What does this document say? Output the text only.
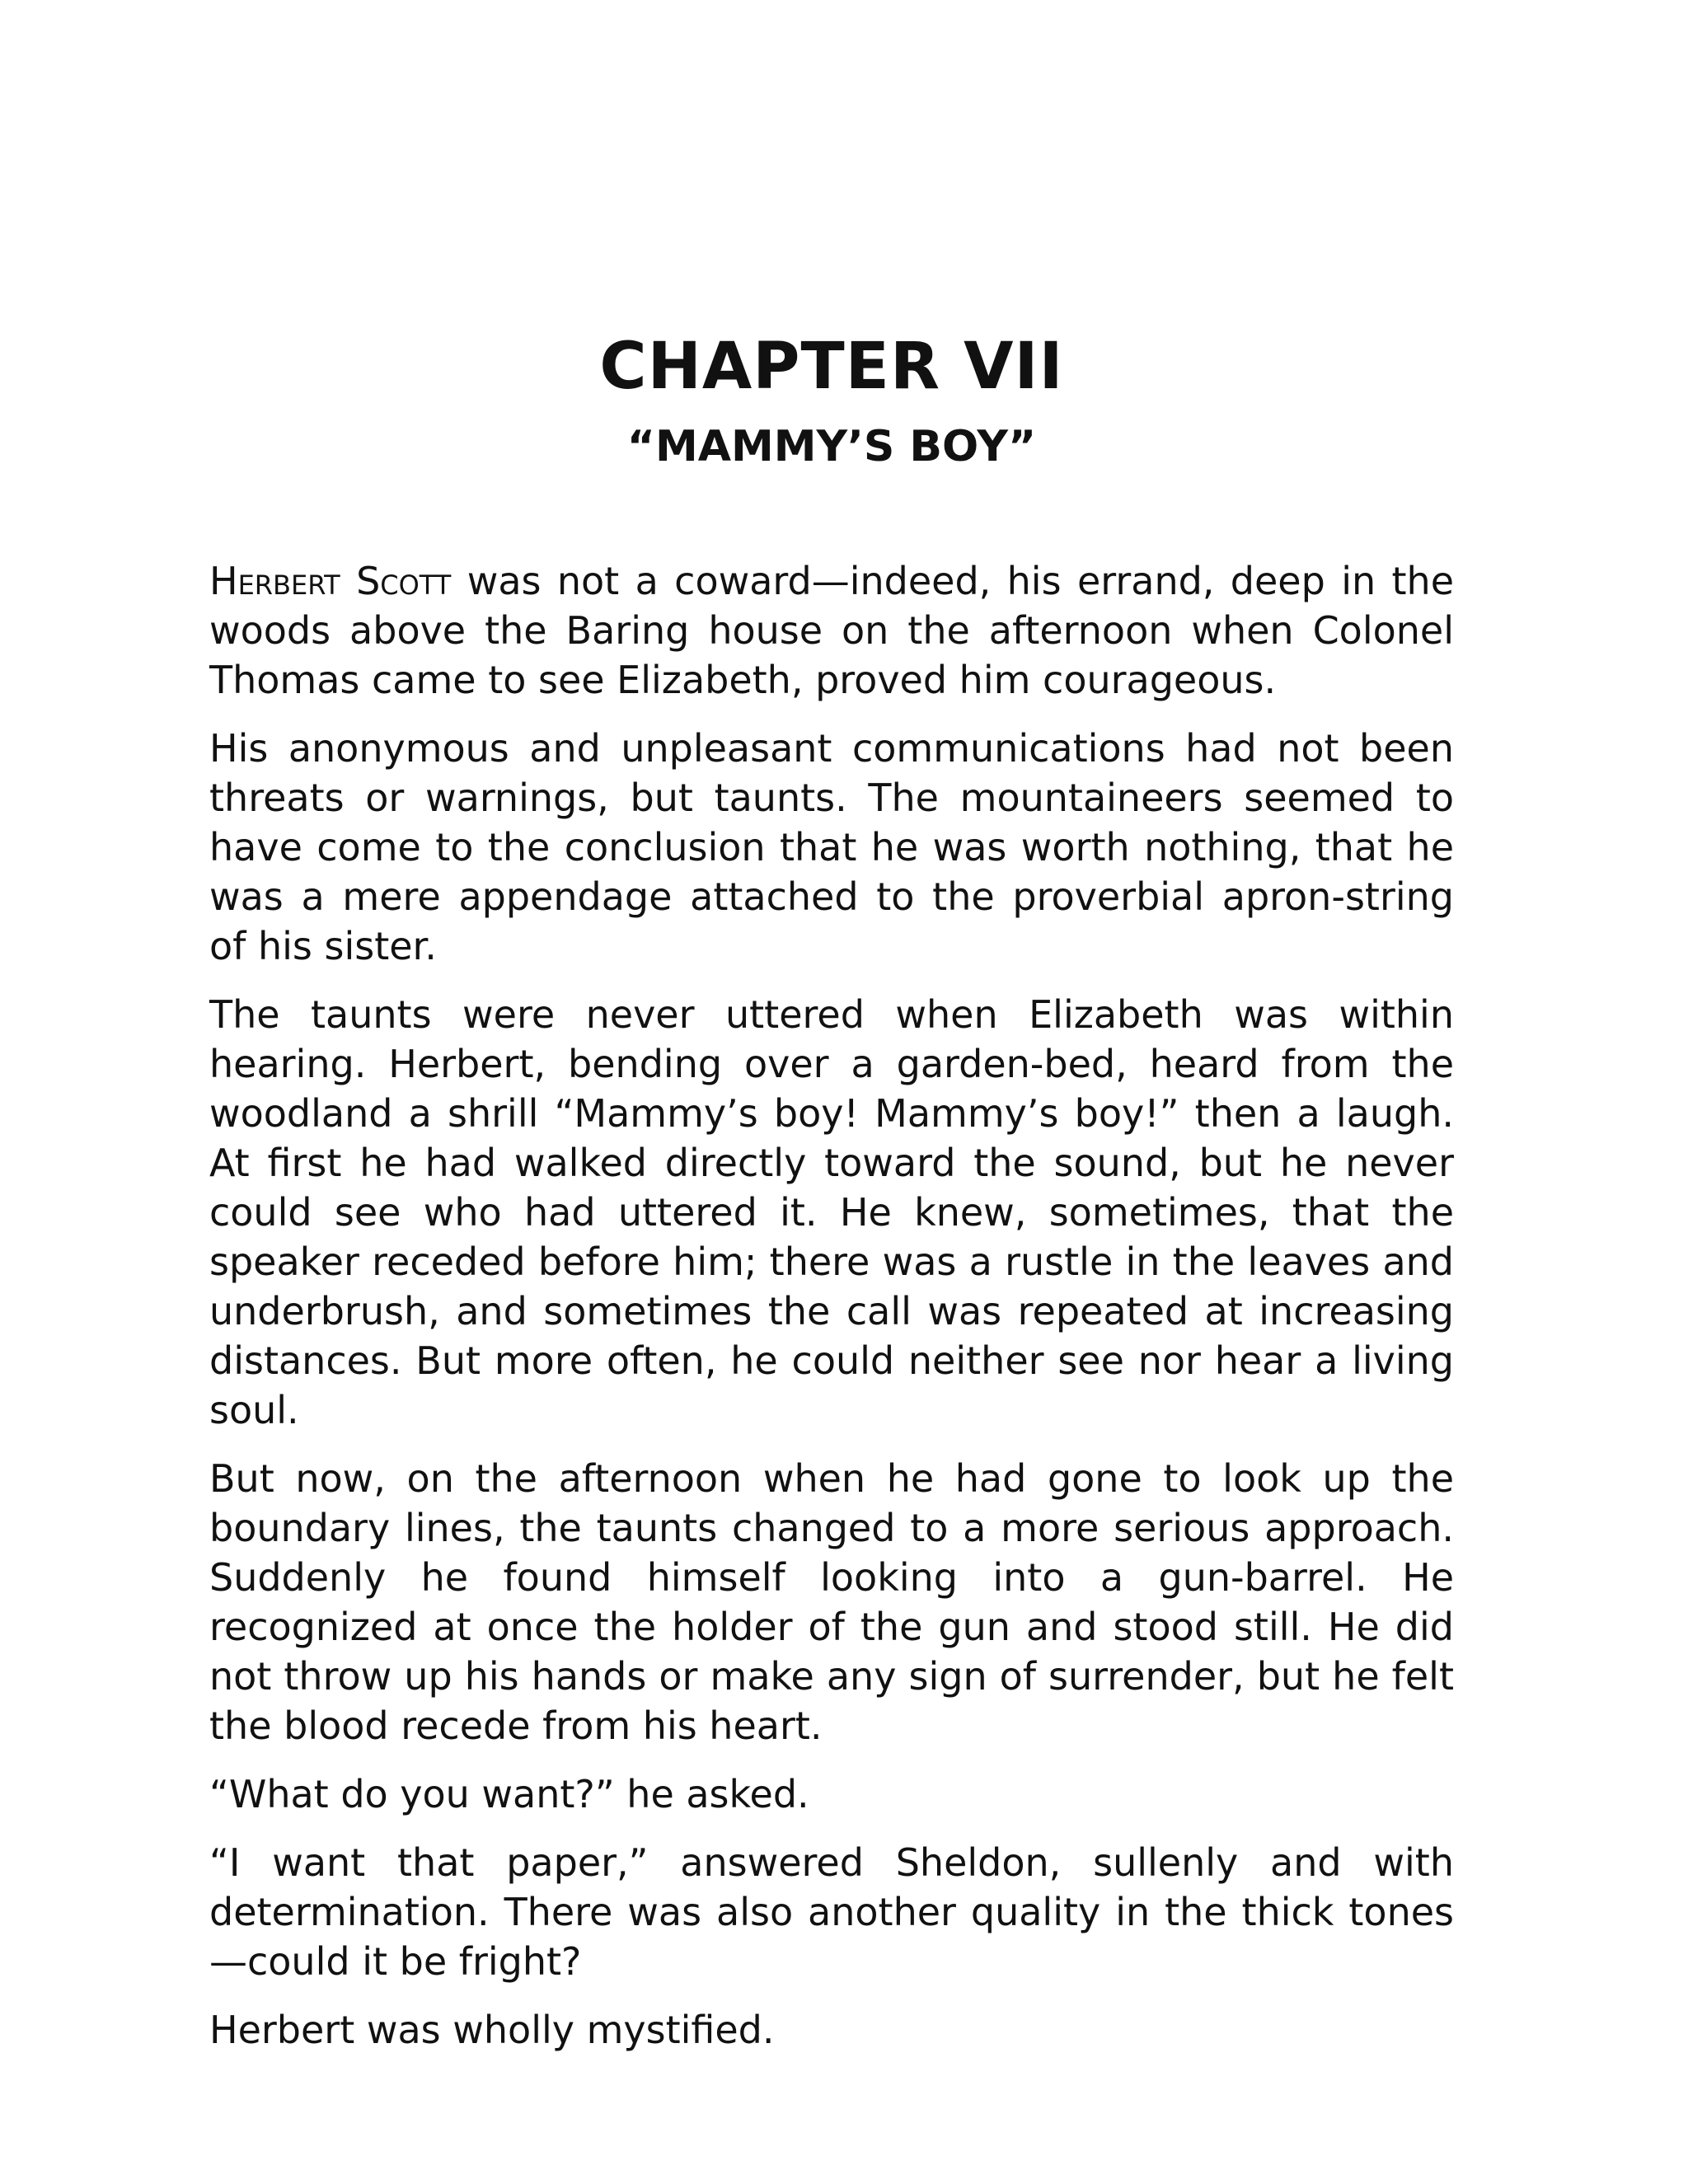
CHAPTER VII
“MAMMY’S BOY”

Herbert Scott was not a coward—indeed, his errand, deep in the woods above the Baring house on the afternoon when Colonel Thomas came to see Elizabeth, proved him courageous.

His anonymous and unpleasant communications had not been threats or warnings, but taunts. The mountaineers seemed to have come to the conclusion that he was worth nothing, that he was a mere appendage attached to the proverbial apron-string of his sister.

The taunts were never uttered when Elizabeth was within hearing. Herbert, bending over a garden-bed, heard from the woodland a shrill “Mammy’s boy! Mammy’s boy!” then a laugh. At first he had walked directly toward the sound, but he never could see who had uttered it. He knew, sometimes, that the speaker receded before him; there was a rustle in the leaves and underbrush, and sometimes the call was repeated at increasing distances. But more often, he could neither see nor hear a living soul.

But now, on the afternoon when he had gone to look up the boundary lines, the taunts changed to a more serious approach. Suddenly he found himself looking into a gun-barrel. He recognized at once the holder of the gun and stood still. He did not throw up his hands or make any sign of surrender, but he felt the blood recede from his heart.

“What do you want?” he asked.

“I want that paper,” answered Sheldon, sullenly and with determination. There was also another quality in the thick tones—could it be fright?

Herbert was wholly mystified.
